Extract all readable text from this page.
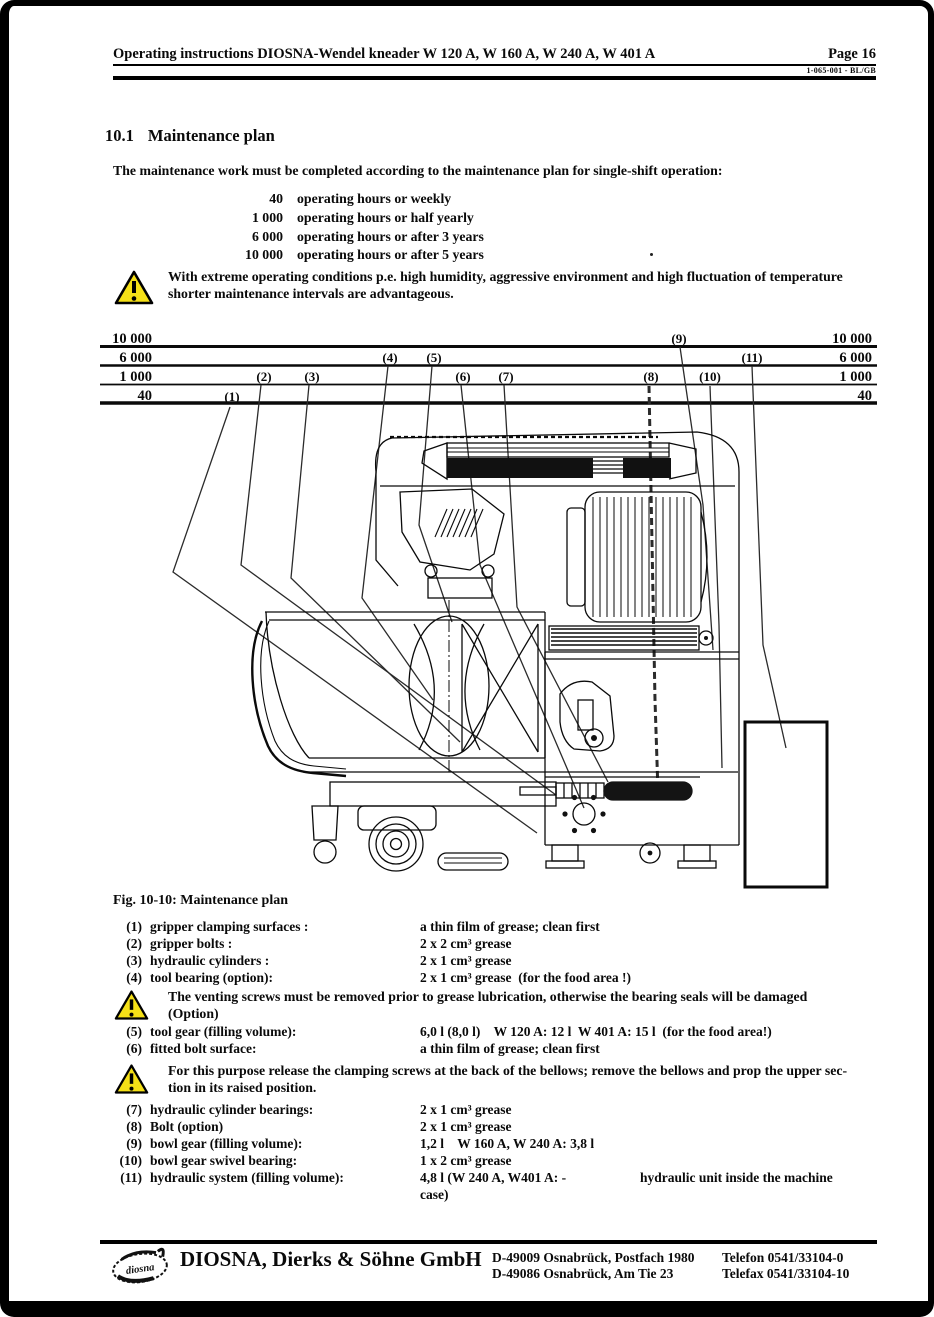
Operating instructions DIOSNA-Wendel kneader W 120 A, W 160 A, W 240 A, W 401 A	Page 16
1-065-001 - BL/GB
10.1 Maintenance plan
The maintenance work must be completed according to the maintenance plan for single-shift operation:
40 operating hours or weekly
1 000 operating hours or half yearly
6 000 operating hours or after 3 years
10 000 operating hours or after 5 years
With extreme operating conditions p.e. high humidity, aggressive environment and high fluctuation of temperature shorter maintenance intervals are advantageous.
10 000
6 000
1 000
40
10 000
6 000
1 000
40
(1)
(2)	(3)
(4) (5)
(6) (7)	(8)
(9)
(10)
(11)
Fig. 10-10: Maintenance plan
(1) gripper clamping surfaces :	a thin film of grease; clean first
(2) gripper bolts :	2 x 2 cm³ grease
(3) hydraulic cylinders :	2 x 1 cm³ grease
(4) tool bearing (option):	2 x 1 cm³ grease  (for the food area !)
The venting screws must be removed prior to grease lubrication, otherwise the bearing seals will be damaged
(Option)
(5) tool gear (filling volume):	6,0 l (8,0 l)    W 120 A: 12 l  W 401 A: 15 l  (for the food area!)
(6) fitted bolt surface:	a thin film of grease; clean first
For this purpose release the clamping screws at the back of the bellows; remove the bellows and prop the upper sec-
tion in its raised position.
(7) hydraulic cylinder bearings:	2 x 1 cm³ grease
(8) Bolt (option)	2 x 1 cm³ grease
(9) bowl gear (filling volume):	1,2 l    W 160 A, W 240 A: 3,8 l
(10) bowl gear swivel bearing:	1 x 2 cm³ grease
(11) hydraulic system (filling volume):	4,8 l (W 240 A, W401 A: -	hydraulic unit inside the machine
case)
diosna DIOSNA, Dierks & Söhne GmbH D-49009 Osnabrück, Postfach 1980
D-49086 Osnabrück, Am Tie 23
Telefon 0541/33104-0
Telefax 0541/33104-10
